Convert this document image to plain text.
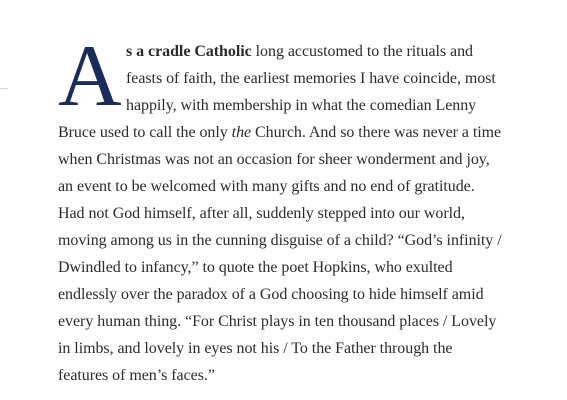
A s a cradle Catholic long accustomed to the rituals and
feasts of faith, the earliest memories I have coincide, most
happily, with membership in what the comedian Lenny
Bruce used to call the only the Church. And so there was never a time
when Christmas was not an occasion for sheer wonderment and joy,
an event to be welcomed with many gifts and no end of gratitude.
Had not God himself, after all, suddenly stepped into our world,
moving among us in the cunning disguise of a child? “God’s infinity /
Dwindled to infancy,” to quote the poet Hopkins, who exulted
endlessly over the paradox of a God choosing to hide himself amid
every human thing. “For Christ plays in ten thousand places / Lovely
in limbs, and lovely in eyes not his / To the Father through the
features of men’s faces.”
